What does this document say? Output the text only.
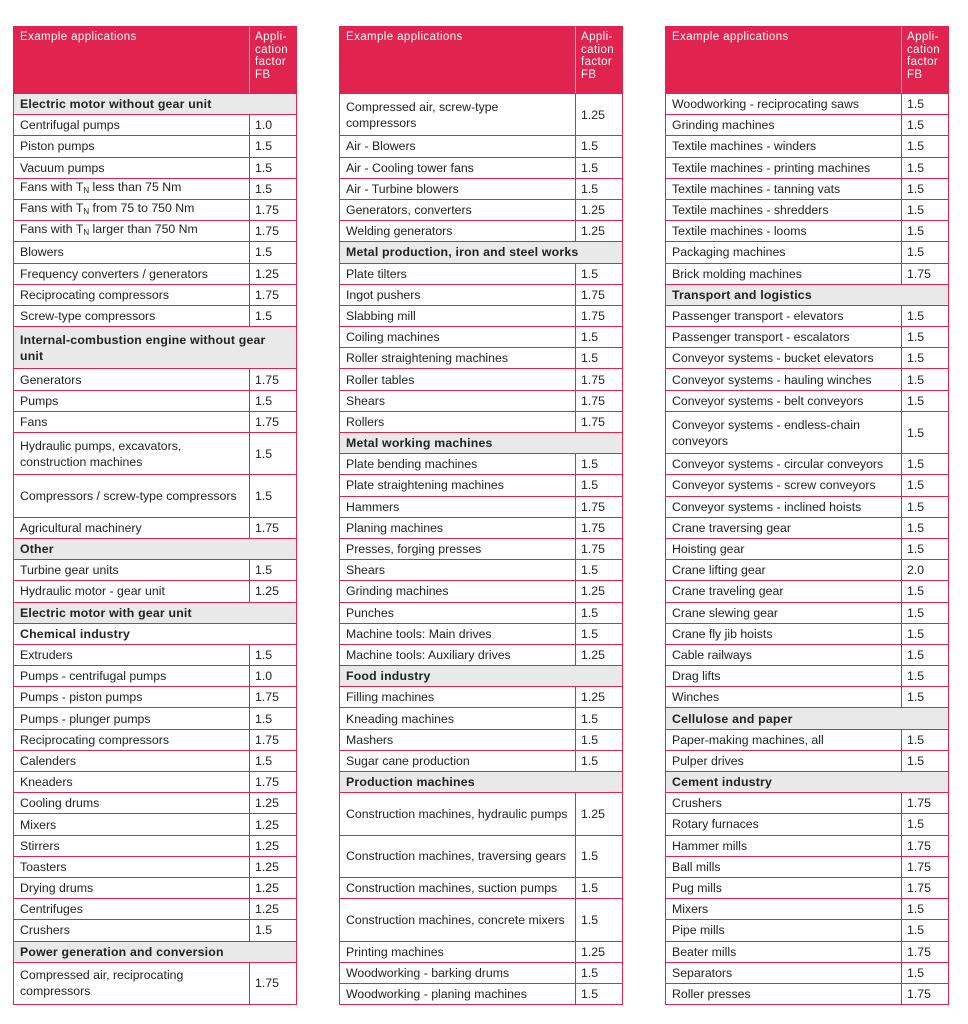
Example applications	Appli-
cation
factor
FB
Electric motor without gear unit
Centrifugal pumps	1.0
Piston pumps	1.5
Vacuum pumps	1.5
Fans with $T_N$ less than 75 Nm	1.5
Fans with $T_N$ from 75 to 750 Nm	1.75
Fans with $T_N$ larger than 750 Nm	1.75
Blowers	1.5
Frequency converters / generators	1.25
Reciprocating compressors	1.75
Screw-type compressors	1.5
Internal-combustion engine without gear unit
Generators	1.75
Pumps	1.5
Fans	1.75
Hydraulic pumps, excavators, construction machines
1.5
Compressors / screw-type compressors	1.5
Agricultural machinery	1.75
Other
Turbine gear units	1.5
Hydraulic motor - gear unit	1.25
Electric motor with gear unit
Chemical industry
Extruders	1.5
Pumps - centrifugal pumps	1.0
Pumps - piston pumps	1.75
Pumps - plunger pumps	1.5
Reciprocating compressors	1.75
Calenders	1.5
Kneaders	1.75
Cooling drums	1.25
Mixers	1.25
Stirrers	1.25
Toasters	1.25
Drying drums	1.25
Centrifuges	1.25
Crushers	1.5
Power generation and conversion
Compressed air, reciprocating compressors
1.75
Example applications	Appli-
cation
factor
FB
Compressed air, screw-type compressors
1.25
Air - Blowers	1.5
Air - Cooling tower fans	1.5
Air - Turbine blowers	1.5
Generators, converters	1.25
Welding generators	1.25
Metal production, iron and steel works
Plate tilters	1.5
Ingot pushers	1.75
Slabbing mill	1.75
Coiling machines	1.5
Roller straightening machines	1.5
Roller tables	1.75
Shears	1.75
Rollers	1.75
Metal working machines
Plate bending machines	1.5
Plate straightening machines	1.5
Hammers	1.75
Planing machines	1.75
Presses, forging presses	1.75
Shears	1.5
Grinding machines	1.25
Punches	1.5
Machine tools: Main drives	1.5
Machine tools: Auxiliary drives	1.25
Food industry
Filling machines	1.25
Kneading machines	1.5
Mashers	1.5
Sugar cane production	1.5
Production machines
Construction machines, hydraulic pumps	1.25
Construction machines, traversing gears	1.5
Construction machines, suction pumps	1.5
Construction machines, concrete mixers	1.5
Printing machines	1.25
Woodworking - barking drums	1.5
Woodworking - planing machines	1.5
Example applications	Appli-
cation
factor
FB
Woodworking - reciprocating saws	1.5
Grinding machines	1.5
Textile machines - winders	1.5
Textile machines - printing machines	1.5
Textile machines - tanning vats	1.5
Textile machines - shredders	1.5
Textile machines - looms	1.5
Packaging machines	1.5
Brick molding machines	1.75
Transport and logistics
Passenger transport - elevators	1.5
Passenger transport - escalators	1.5
Conveyor systems - bucket elevators	1.5
Conveyor systems - hauling winches	1.5
Conveyor systems - belt conveyors	1.5
Conveyor systems - endless-chain conveyors
1.5
Conveyor systems - circular conveyors	1.5
Conveyor systems - screw conveyors	1.5
Conveyor systems - inclined hoists	1.5
Crane traversing gear	1.5
Hoisting gear	1.5
Crane lifting gear	2.0
Crane traveling gear	1.5
Crane slewing gear	1.5
Crane fly jib hoists	1.5
Cable railways	1.5
Drag lifts	1.5
Winches	1.5
Cellulose and paper
Paper-making machines, all	1.5
Pulper drives	1.5
Cement industry
Crushers	1.75
Rotary furnaces	1.5
Hammer mills	1.75
Ball mills	1.75
Pug mills	1.75
Mixers	1.5
Pipe mills	1.5
Beater mills	1.75
Separators	1.5
Roller presses	1.75
